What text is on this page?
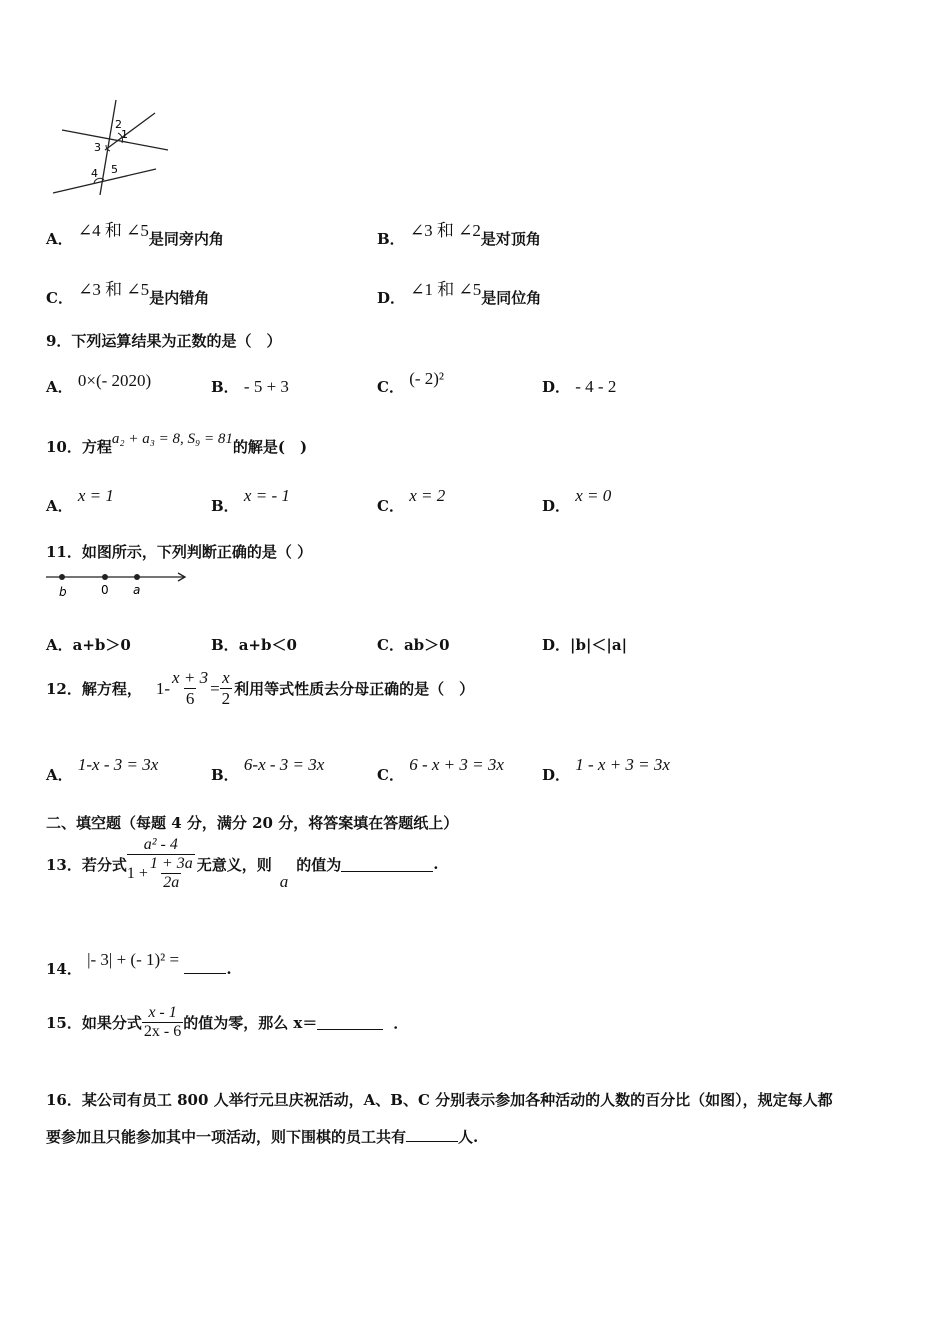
2
1
3
4 5
A． ∠4 和 ∠5是同旁内角	B． ∠3 和 ∠2是对顶角
C． ∠3 和 ∠5是内错角	D． ∠1 和 ∠5是同位角
9．下列运算结果为正数的是（　）
A． 0×(- 2020)	B． - 5 + 3	C． (- 2)²	D． - 4 - 2
10．方程a₂ + a₃ = 8, S₉ = 81的解是(　)
A． x = 1
B． x = - 1
C． x = 2
D． x = 0
11．如图所示，下列判断正确的是（ ）
b	0 a
A．a+b＞0	B．a+b＜0	C．ab＞0	D．|b|＜|a|
12．解方程， $1- \frac{x + 3}{6} = \frac{x}{2}$ 利用等式性质去分母正确的是（　）
A． 1-x - 3 = 3x
B． 6-x - 3 = 3x
C． 6 - x + 3 = 3x
D． 1 - x + 3 = 3x
二、填空题（每题 4 分，满分 20 分，将答案填在答题纸上）
13．若分式 $\frac{\text{a² - 4}}{1 + \frac{1 + 3a}{2a}}$ 无意义，则
a
的值为	.
14． |- 3| + (- 1)² =	.
15．如果分式 $\frac{x - 1}{2x - 6}$ 的值为零，那么 x＝	．
16．某公司有员工 800 人举行元旦庆祝活动，A、B、C 分别表示参加各种活动的人数的百分比（如图），规定每人都
要参加且只能参加其中一项活动，则下围棋的员工共有	人.
